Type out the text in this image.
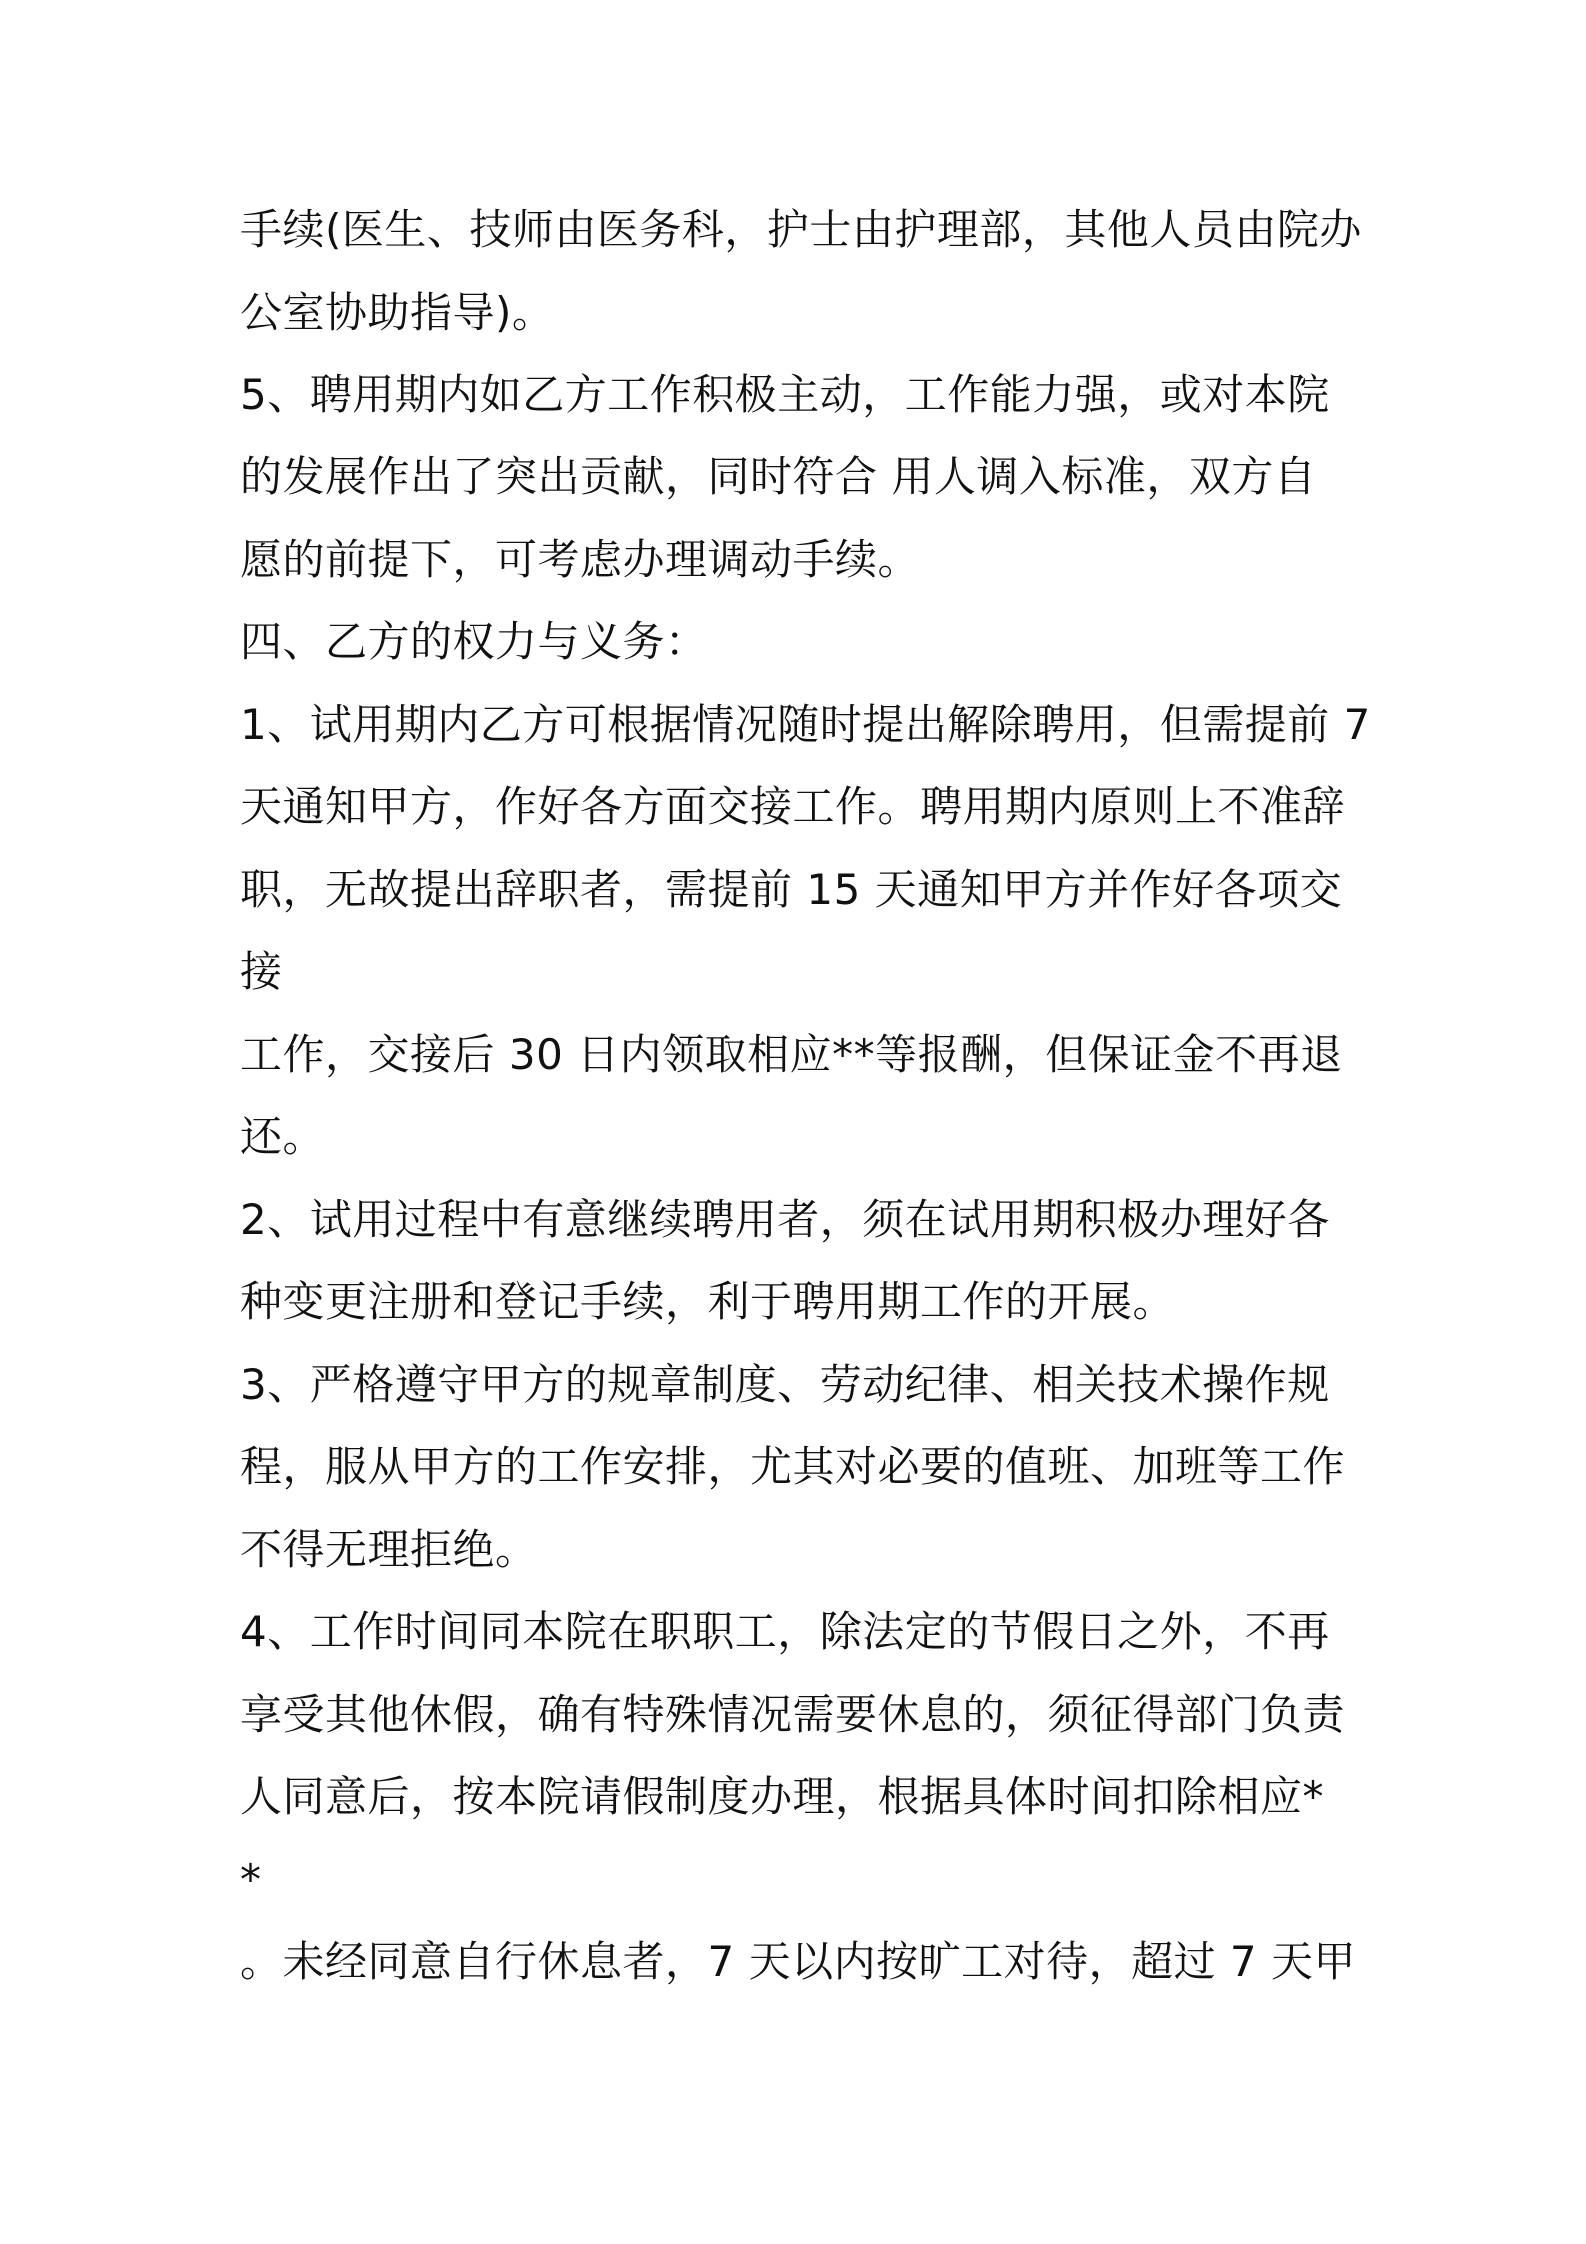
手续(医生、技师由医务科，护士由护理部，其他人员由院办

公室协助指导)。

5、聘用期内如乙方工作积极主动，工作能力强，或对本院

的发展作出了突出贡献，同时符合 用人调入标准，双方自

愿的前提下，可考虑办理调动手续。

四、乙方的权力与义务：

1、试用期内乙方可根据情况随时提出解除聘用，但需提前 7

天通知甲方，作好各方面交接工作。聘用期内原则上不准辞

职，无故提出辞职者，需提前 15 天通知甲方并作好各项交

接

工作，交接后 30 日内领取相应**等报酬，但保证金不再退

还。

2、试用过程中有意继续聘用者，须在试用期积极办理好各

种变更注册和登记手续，利于聘用期工作的开展。

3、严格遵守甲方的规章制度、劳动纪律、相关技术操作规

程，服从甲方的工作安排，尤其对必要的值班、加班等工作

不得无理拒绝。

4、工作时间同本院在职职工，除法定的节假日之外，不再

享受其他休假，确有特殊情况需要休息的，须征得部门负责

人同意后，按本院请假制度办理，根据具体时间扣除相应*

*

。未经同意自行休息者，7 天以内按旷工对待，超过 7 天甲
